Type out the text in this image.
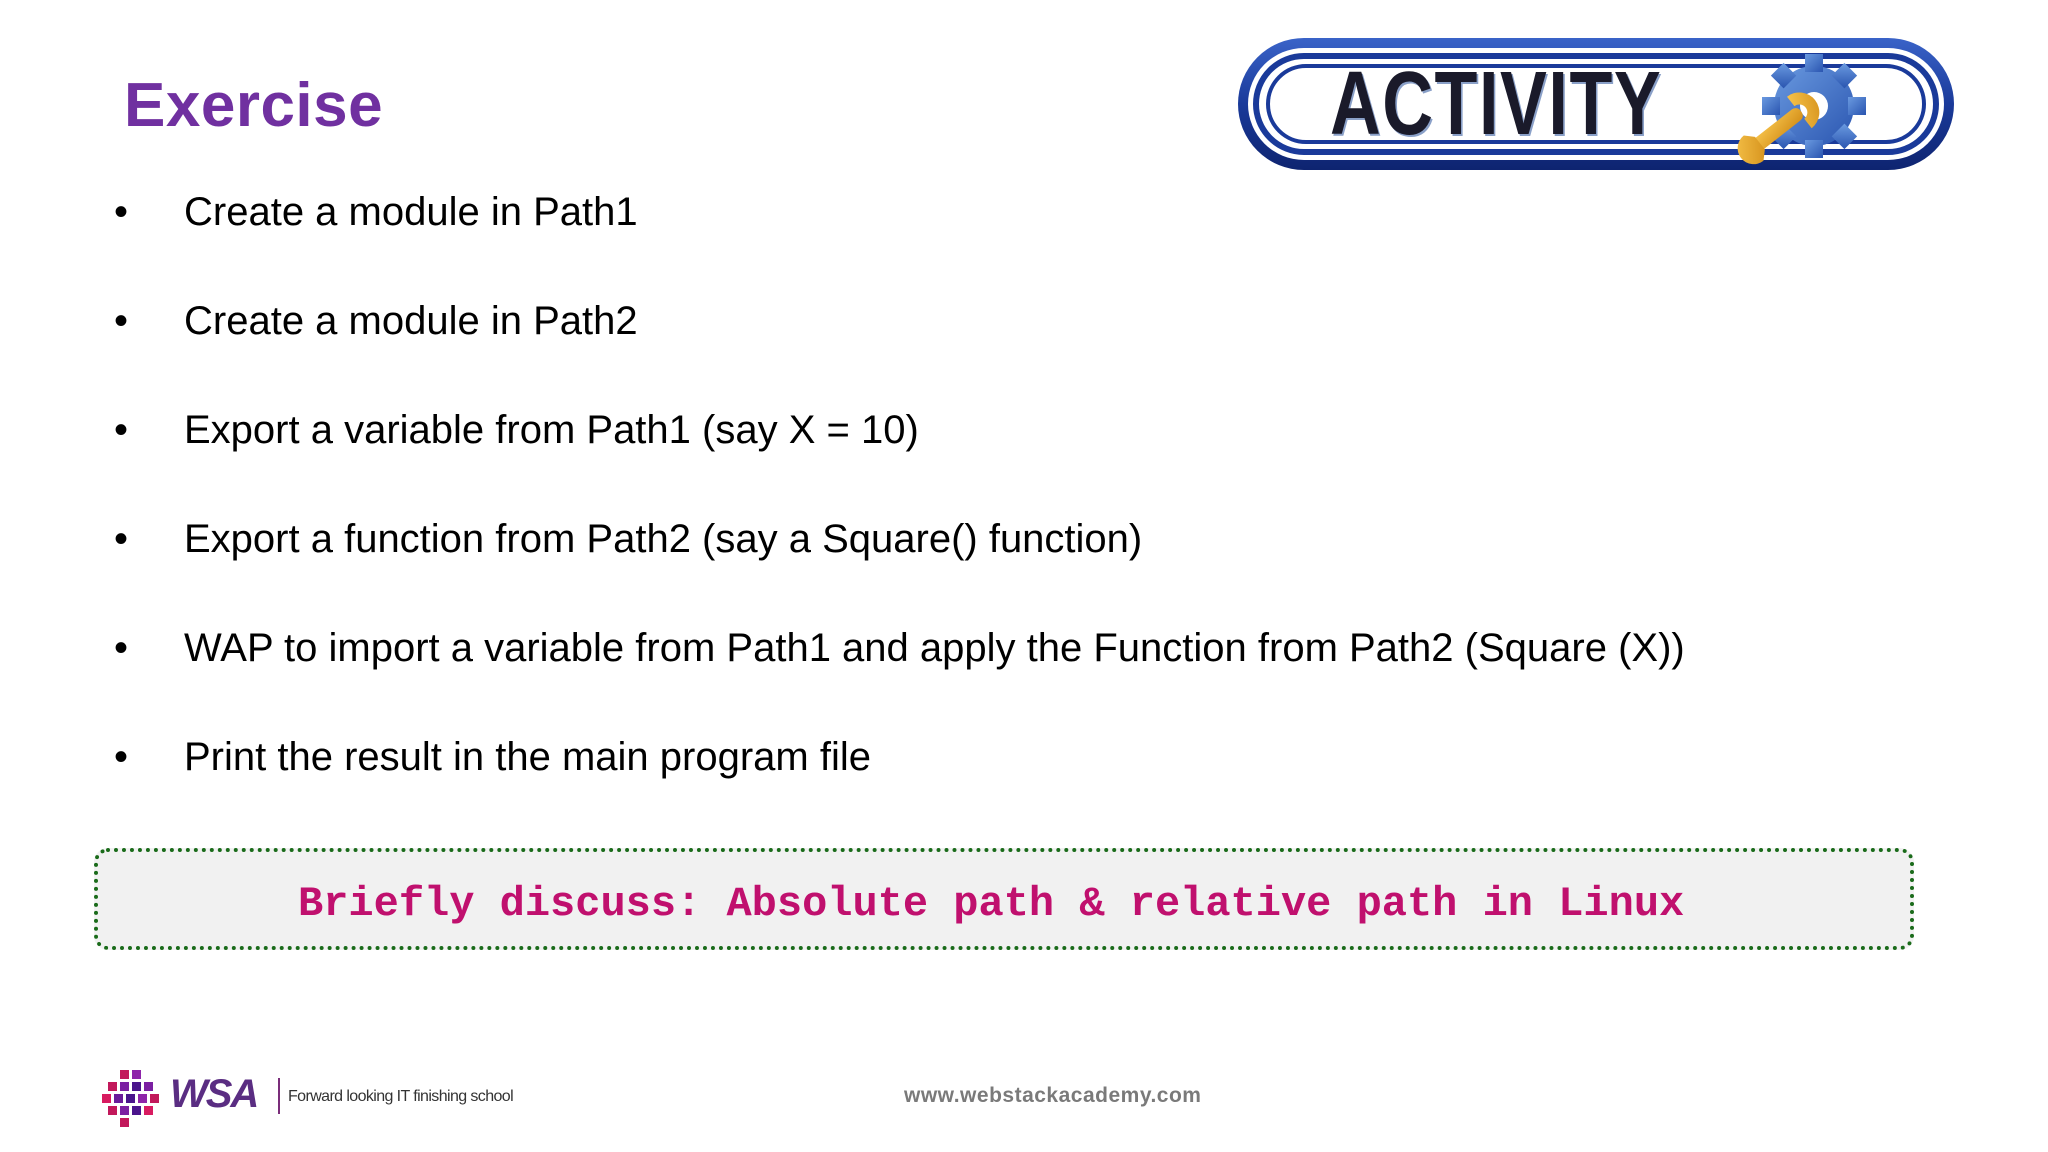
Exercise	ACTIVITY
•	Create a module in Path1
•	Create a module in Path2
•	Export a variable from Path1 (say X = 10)
•	Export a function from Path2 (say a Square() function)
•	WAP to import a variable from Path1 and apply the Function from Path2 (Square (X))
•	Print the result in the main program file
Briefly discuss: Absolute path & relative path in Linux
WSA Forward looking IT finishing school	www.webstackacademy.com
